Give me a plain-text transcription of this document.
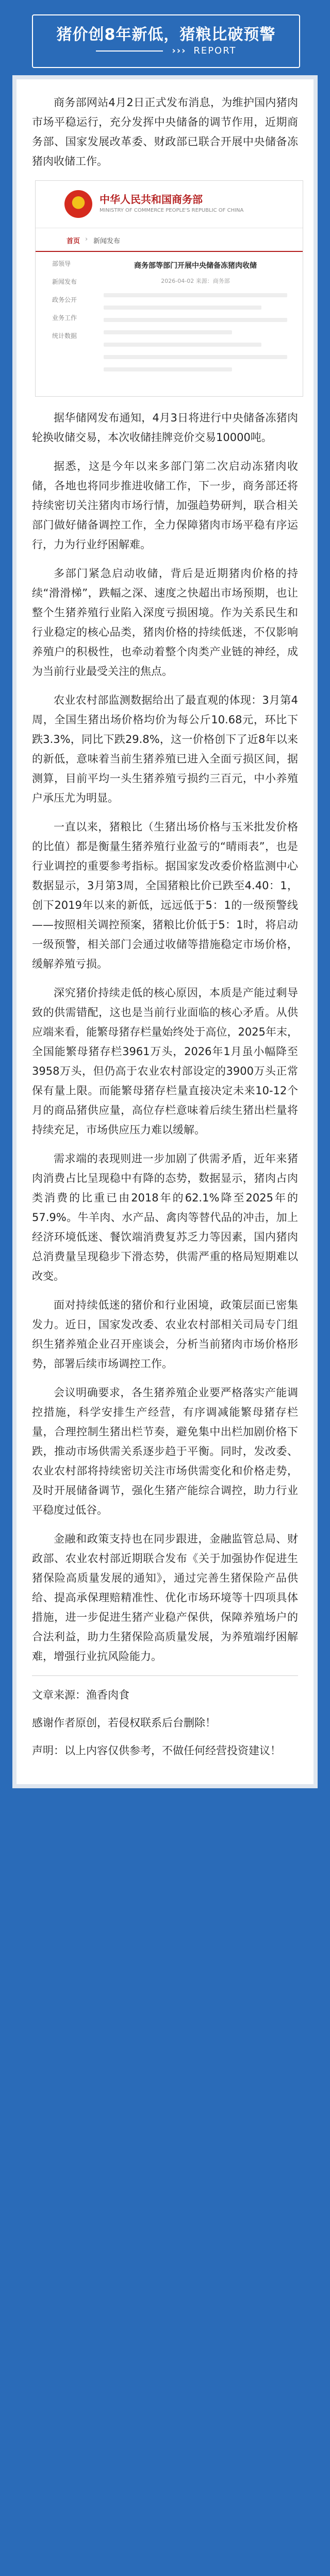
猪价创8年新低，猪粮比破预警
››› REPORT

商务部网站4月2日正式发布消息，为维护国内猪肉市场平稳运行，充分发挥中央储备的调节作用，近期商务部、国家发展改革委、财政部已联合开展中央储备冻猪肉收储工作。

中华人民共和国商务部
MINISTRY OF COMMERCE PEOPLE'S REPUBLIC OF CHINA
首页 › 新闻发布
部领导
新闻发布
政务公开
业务工作
统计数据
商务部等部门开展中央储备冻猪肉收储
2026-04-02 来源：商务部

据华储网发布通知，4月3日将进行中央储备冻猪肉轮换收储交易，本次收储挂牌竞价交易10000吨。

据悉，这是今年以来多部门第二次启动冻猪肉收储，各地也将同步推进收储工作，下一步，商务部还将持续密切关注猪肉市场行情，加强趋势研判，联合相关部门做好储备调控工作，全力保障猪肉市场平稳有序运行，力为行业纾困解难。

多部门紧急启动收储，背后是近期猪肉价格的持续“滑滑梯”，跌幅之深、速度之快超出市场预期，也让整个生猪养殖行业陷入深度亏损困境。作为关系民生和行业稳定的核心品类，猪肉价格的持续低迷，不仅影响养殖户的积极性，也牵动着整个肉类产业链的神经，成为当前行业最受关注的焦点。

农业农村部监测数据给出了最直观的体现：3月第4周，全国生猪出场价格均价为每公斤10.68元，环比下跌3.3%，同比下跌29.8%，这一价格创下了近8年以来的新低，意味着当前生猪养殖已进入全面亏损区间，据测算，目前平均一头生猪养殖亏损约三百元，中小养殖户承压尤为明显。

一直以来，猪粮比（生猪出场价格与玉米批发价格的比值）都是衡量生猪养殖行业盈亏的“晴雨表”，也是行业调控的重要参考指标。据国家发改委价格监测中心数据显示，3月第3周，全国猪粮比价已跌至4.40：1，创下2019年以来的新低，远远低于5：1的一级预警线——按照相关调控预案，猪粮比价低于5：1时，将启动一级预警，相关部门会通过收储等措施稳定市场价格，缓解养殖亏损。

深究猪价持续走低的核心原因，本质是产能过剩导致的供需错配，这也是当前行业面临的核心矛盾。从供应端来看，能繁母猪存栏量始终处于高位，2025年末，全国能繁母猪存栏3961万头，2026年1月虽小幅降至3958万头，但仍高于农业农村部设定的3900万头正常保有量上限。而能繁母猪存栏量直接决定未来10-12个月的商品猪供应量，高位存栏意味着后续生猪出栏量将持续充足，市场供应压力难以缓解。

需求端的表现则进一步加剧了供需矛盾，近年来猪肉消费占比呈现稳中有降的态势，数据显示，猪肉占肉类消费的比重已由2018年的62.1%降至2025年的57.9%。牛羊肉、水产品、禽肉等替代品的冲击，加上经济环境低迷、餐饮端消费复苏乏力等因素，国内猪肉总消费量呈现稳步下滑态势，供需严重的格局短期难以改变。

面对持续低迷的猪价和行业困境，政策层面已密集发力。近日，国家发改委、农业农村部相关司局专门组织生猪养殖企业召开座谈会，分析当前猪肉市场价格形势，部署后续市场调控工作。

会议明确要求，各生猪养殖企业要严格落实产能调控措施，科学安排生产经营，有序调减能繁母猪存栏量，合理控制生猪出栏节奏，避免集中出栏加剧价格下跌，推动市场供需关系逐步趋于平衡。同时，发改委、农业农村部将持续密切关注市场供需变化和价格走势，及时开展储备调节，强化生猪产能综合调控，助力行业平稳度过低谷。

金融和政策支持也在同步跟进，金融监管总局、财政部、农业农村部近期联合发布《关于加强协作促进生猪保险高质量发展的通知》，通过完善生猪保险产品供给、提高承保理赔精准性、优化市场环境等十四项具体措施，进一步促进生猪产业稳产保供，保障养殖场户的合法利益，助力生猪保险高质量发展，为养殖端纾困解难，增强行业抗风险能力。

文章来源：渔香肉食
感谢作者原创，若侵权联系后台删除！
声明：以上内容仅供参考，不做任何经营投资建议！
